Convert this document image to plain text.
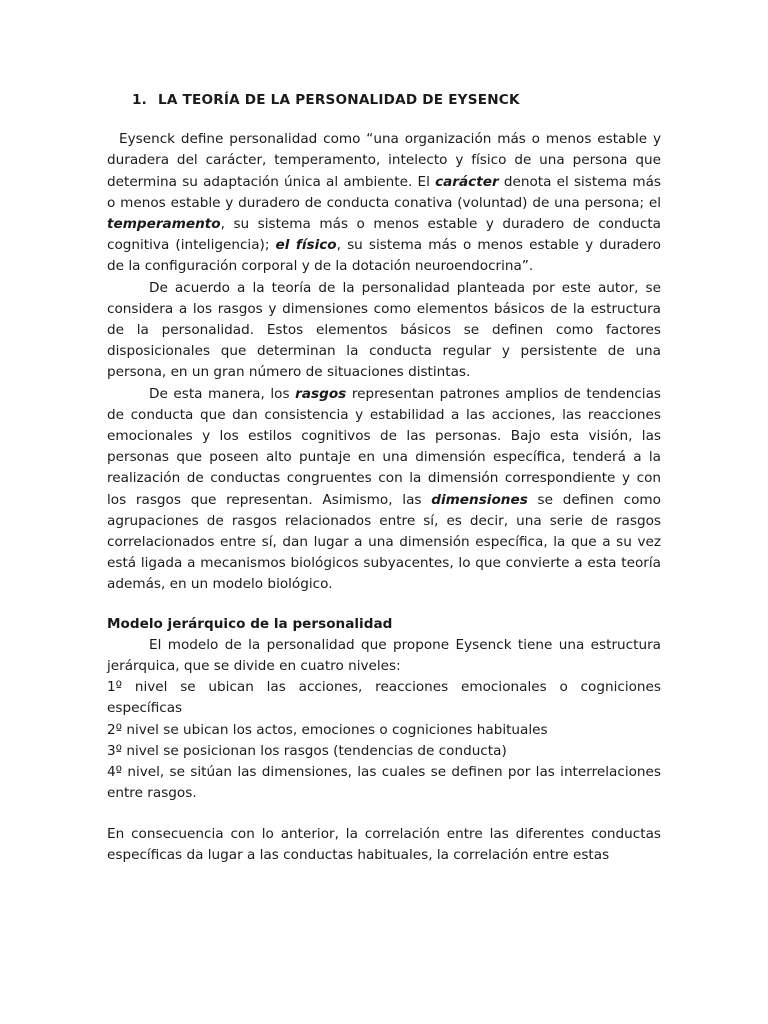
1. LA TEORÍA DE LA PERSONALIDAD DE EYSENCK

Eysenck define personalidad como “una organización más o menos estable y duradera del carácter, temperamento, intelecto y físico de una persona que determina su adaptación única al ambiente. El carácter denota el sistema más o menos estable y duradero de conducta conativa (voluntad) de una persona; el temperamento, su sistema más o menos estable y duradero de conducta cognitiva (inteligencia); el físico, su sistema más o menos estable y duradero de la configuración corporal y de la dotación neuroendocrina”.

De acuerdo a la teoría de la personalidad planteada por este autor, se considera a los rasgos y dimensiones como elementos básicos de la estructura de la personalidad. Estos elementos básicos se definen como factores disposicionales que determinan la conducta regular y persistente de una persona, en un gran número de situaciones distintas.

De esta manera, los rasgos representan patrones amplios de tendencias de conducta que dan consistencia y estabilidad a las acciones, las reacciones emocionales y los estilos cognitivos de las personas. Bajo esta visión, las personas que poseen alto puntaje en una dimensión específica, tenderá a la realización de conductas congruentes con la dimensión correspondiente y con los rasgos que representan. Asimismo, las dimensiones se definen como agrupaciones de rasgos relacionados entre sí, es decir, una serie de rasgos correlacionados entre sí, dan lugar a una dimensión específica, la que a su vez está ligada a mecanismos biológicos subyacentes, lo que convierte a esta teoría además, en un modelo biológico.

Modelo jerárquico de la personalidad

El modelo de la personalidad que propone Eysenck tiene una estructura jerárquica, que se divide en cuatro niveles:

1º nivel se ubican las acciones, reacciones emocionales o cogniciones específicas

2º nivel se ubican los actos, emociones o cogniciones habituales

3º nivel se posicionan los rasgos (tendencias de conducta)

4º nivel, se sitúan las dimensiones, las cuales se definen por las interrelaciones entre rasgos.

En consecuencia con lo anterior, la correlación entre las diferentes conductas específicas da lugar a las conductas habituales, la correlación entre estas
